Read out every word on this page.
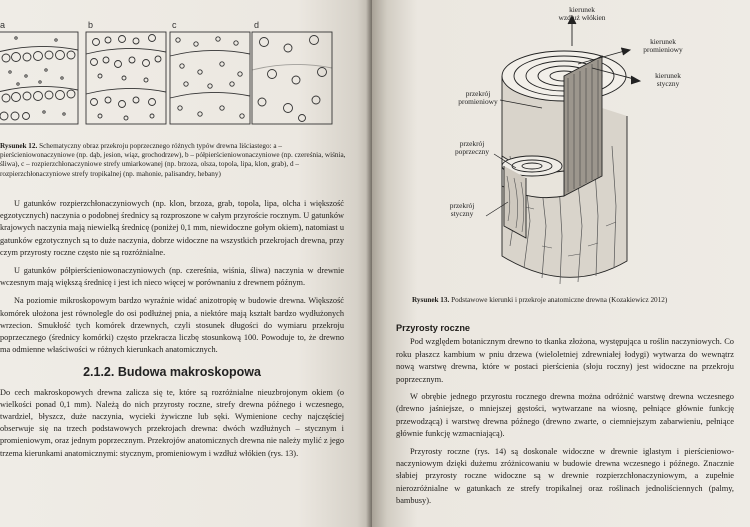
a	b	c	d

Rysunek 12. Schematyczny obraz przekroju poprzecznego różnych typów drewna liściastego: a – pierścieniowonaczyniowe (np. dąb, jesion, wiąz, grochodrzew), b – półpierścieniowonaczyniowe (np. czereśnia, wiśnia, śliwa), c – rozpierzchłonaczyniowe strefy umiarkowanej (np. brzoza, olsza, topola, lipa, klon, grab), d – rozpierzchłonaczyniowe strefy tropikalnej (np. mahonie, palisandry, hebany)

U gatunków rozpierzchłonaczyniowych (np. klon, brzoza, grab, topola, lipa, olcha i większość egzotycznych) naczynia o podobnej średnicy są rozproszone w całym przyroście rocznym. U gatunków krajowych naczynia mają niewielką średnicę (poniżej 0,1 mm, niewidoczne gołym okiem), natomiast u gatunków egzotycznych są to duże naczynia, dobrze widoczne na wszystkich przekrojach drewna, przy czym przyrosty roczne często nie są rozróżnialne.

U gatunków półpierścieniowonaczyniowych (np. czereśnia, wiśnia, śliwa) naczynia w drewnie wczesnym mają większą średnicę i jest ich nieco więcej w porównaniu z drewnem późnym.

Na poziomie mikroskopowym bardzo wyraźnie widać anizotropię w budowie drewna. Większość komórek ułożona jest równolegle do osi podłużnej pnia, a niektóre mają kształt bardzo wydłużonych wrzecion. Smukłość tych komórek drzewnych, czyli stosunek długości do wymiaru przekroju poprzecznego (średnicy komórki) często przekracza liczbę stosunkową 100. Powoduje to, że drewno ma odmienne właściwości w różnych kierunkach anatomicznych.

2.1.2. Budowa makroskopowa

Do cech makroskopowych drewna zalicza się te, które są rozróżnialne nieuzbrojonym okiem (o wielkości ponad 0,1 mm). Należą do nich przyrosty roczne, strefy drewna późnego i wczesnego, twardziel, błyszcz, duże naczynia, wycieki żywiczne lub sęki. Wymienione cechy najczęściej obserwuje się na trzech podstawowych przekrojach drewna: dwóch wzdłużnych – stycznym i promieniowym, oraz jednym poprzecznym. Przekrojów anatomicznych drewna nie należy mylić z jego trzema kierunkami anatomicznymi: stycznym, promieniowym i wzdłuż włókien (rys. 13).

kierunek
wzdłuż włókien

kierunek
promieniowy

kierunek
styczny

przekrój
promieniowy

przekrój
poprzeczny

przekrój
styczny

Rysunek 13. Podstawowe kierunki i przekroje anatomiczne drewna (Kozakiewicz 2012)

Przyrosty roczne

Pod względem botanicznym drewno to tkanka złożona, występująca u roślin naczyniowych. Co roku płaszcz kambium w pniu drzewa (wieloletniej zdrewniałej łodygi) wytwarza do wewnątrz nową warstwę drewna, które w postaci pierścienia (słoju roczny) jest widoczne na przekroju poprzecznym.

W obrębie jednego przyrostu rocznego drewna można odróżnić warstwę drewna wczesnego (drewno jaśniejsze, o mniejszej gęstości, wytwarzane na wiosnę, pełniące głównie funkcję przewodzącą) i warstwę drewna późnego (drewno zwarte, o ciemniejszym zabarwieniu, pełniące głównie funkcję wzmacniającą).

Przyrosty roczne (rys. 14) są doskonale widoczne w drewnie iglastym i pierścieniowo-naczyniowym dzięki dużemu zróżnicowaniu w budowie drewna wczesnego i późnego. Znacznie słabiej przyrosty roczne widoczne są w drewnie rozpierzchłonaczyniowym, a zupełnie nierozróżnialne w gatunkach ze strefy tropikalnej oraz roślinach jednoliściennych (palmy, bambusy).
